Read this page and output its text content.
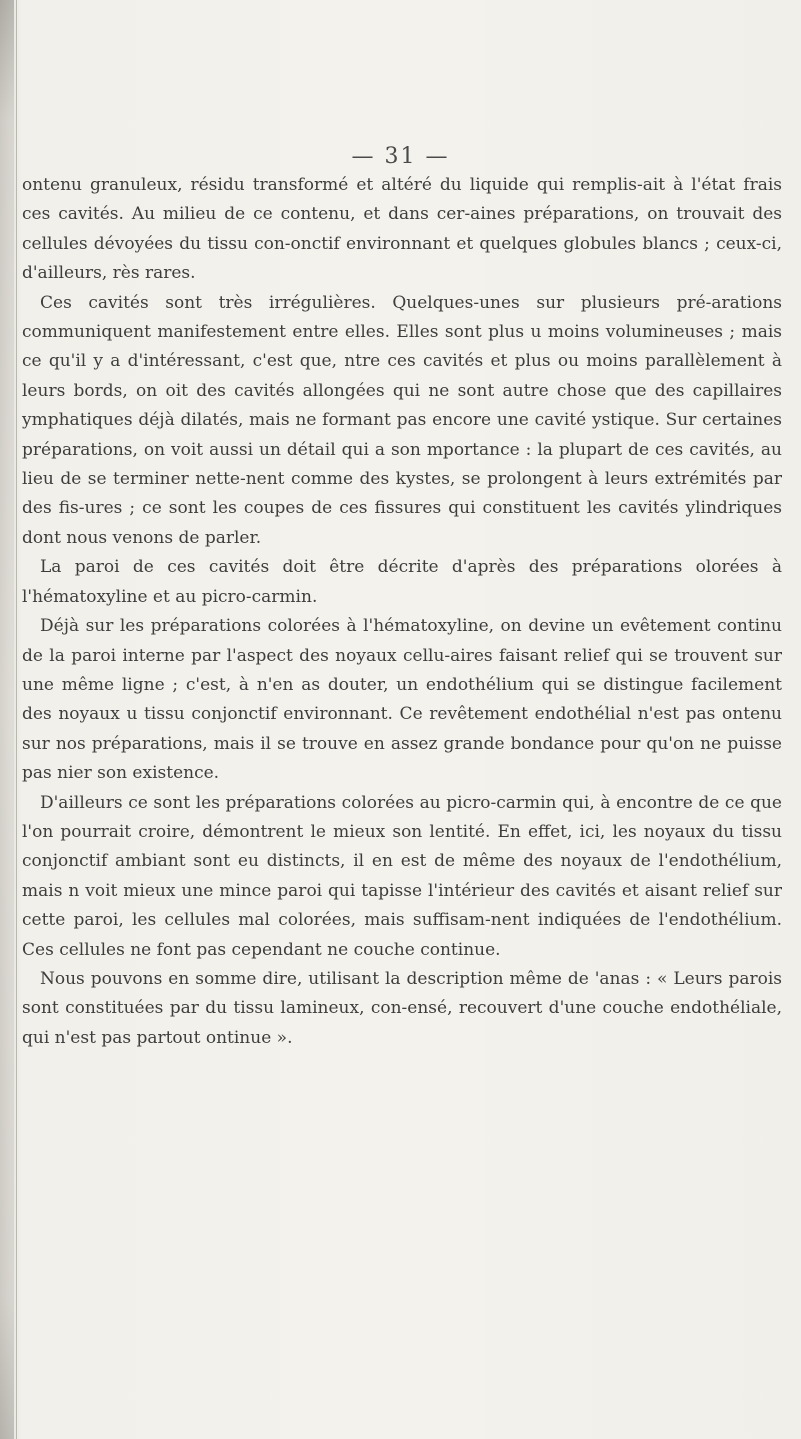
— 31 —

ontenu granuleux, résidu transformé et altéré du liquide qui remplis-ait à l'état frais ces cavités. Au milieu de ce contenu, et dans cer-aines préparations, on trouvait des cellules dévoyées du tissu con-onctif environnant et quelques globules blancs ; ceux-ci, d'ailleurs, rès rares.

Ces cavités sont très irrégulières. Quelques-unes sur plusieurs pré-arations communiquent manifestement entre elles. Elles sont plus u moins volumineuses ; mais ce qu'il y a d'intéressant, c'est que, ntre ces cavités et plus ou moins parallèlement à leurs bords, on oit des cavités allongées qui ne sont autre chose que des capillaires ymphatiques déjà dilatés, mais ne formant pas encore une cavité ystique. Sur certaines préparations, on voit aussi un détail qui a son mportance : la plupart de ces cavités, au lieu de se terminer nette-nent comme des kystes, se prolongent à leurs extrémités par des fis-ures ; ce sont les coupes de ces fissures qui constituent les cavités ylindriques dont nous venons de parler.

La paroi de ces cavités doit être décrite d'après des préparations olorées à l'hématoxyline et au picro-carmin.

Déjà sur les préparations colorées à l'hématoxyline, on devine un evêtement continu de la paroi interne par l'aspect des noyaux cellu-aires faisant relief qui se trouvent sur une même ligne ; c'est, à n'en as douter, un endothélium qui se distingue facilement des noyaux u tissu conjonctif environnant. Ce revêtement endothélial n'est pas ontenu sur nos préparations, mais il se trouve en assez grande bondance pour qu'on ne puisse pas nier son existence.

D'ailleurs ce sont les préparations colorées au picro-carmin qui, à encontre de ce que l'on pourrait croire, démontrent le mieux son lentité. En effet, ici, les noyaux du tissu conjonctif ambiant sont eu distincts, il en est de même des noyaux de l'endothélium, mais n voit mieux une mince paroi qui tapisse l'intérieur des cavités et aisant relief sur cette paroi, les cellules mal colorées, mais suffisam-nent indiquées de l'endothélium. Ces cellules ne font pas cependant ne couche continue.

Nous pouvons en somme dire, utilisant la description même de 'anas : « Leurs parois sont constituées par du tissu lamineux, con-ensé, recouvert d'une couche endothéliale, qui n'est pas partout ontinue ».
